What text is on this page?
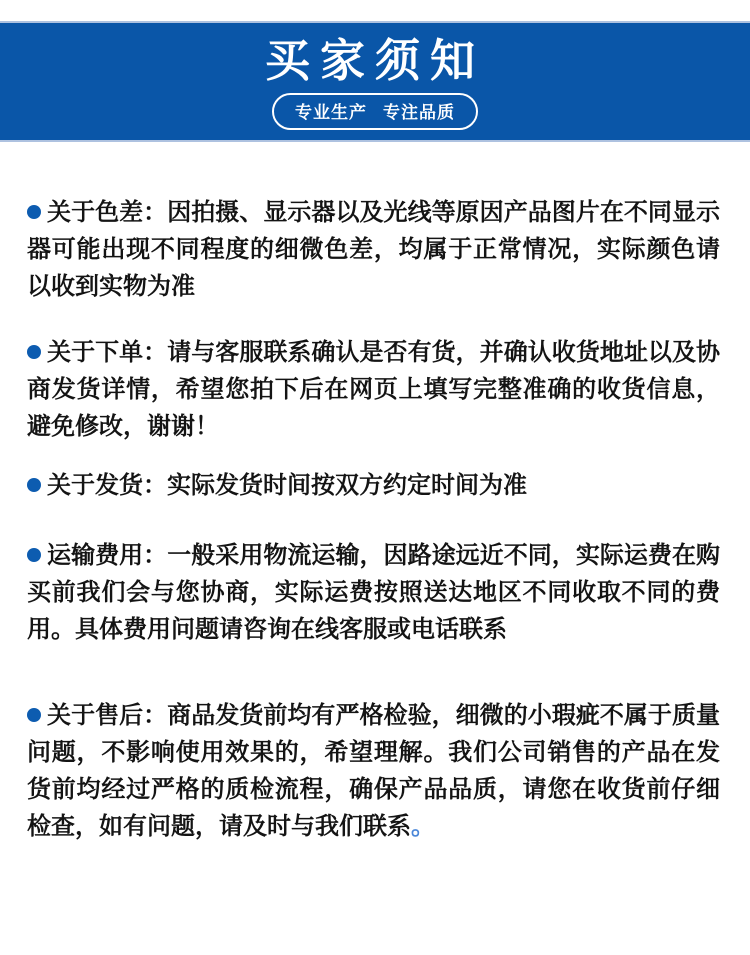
买家须知
专业生产 专注品质

关于色差：因拍摄、显示器以及光线等原因产品图片在不同显示器可能出现不同程度的细微色差，均属于正常情况，实际颜色请以收到实物为准

关于下单：请与客服联系确认是否有货，并确认收货地址以及协商发货详情，希望您拍下后在网页上填写完整准确的收货信息，避免修改，谢谢！

关于发货：实际发货时间按双方约定时间为准

运输费用：一般采用物流运输，因路途远近不同，实际运费在购买前我们会与您协商，实际运费按照送达地区不同收取不同的费用。具体费用问题请咨询在线客服或电话联系

关于售后：商品发货前均有严格检验，细微的小瑕疵不属于质量问题，不影响使用效果的，希望理解。我们公司销售的产品在发货前均经过严格的质检流程，确保产品品质，请您在收货前仔细检查，如有问题，请及时与我们联系。
